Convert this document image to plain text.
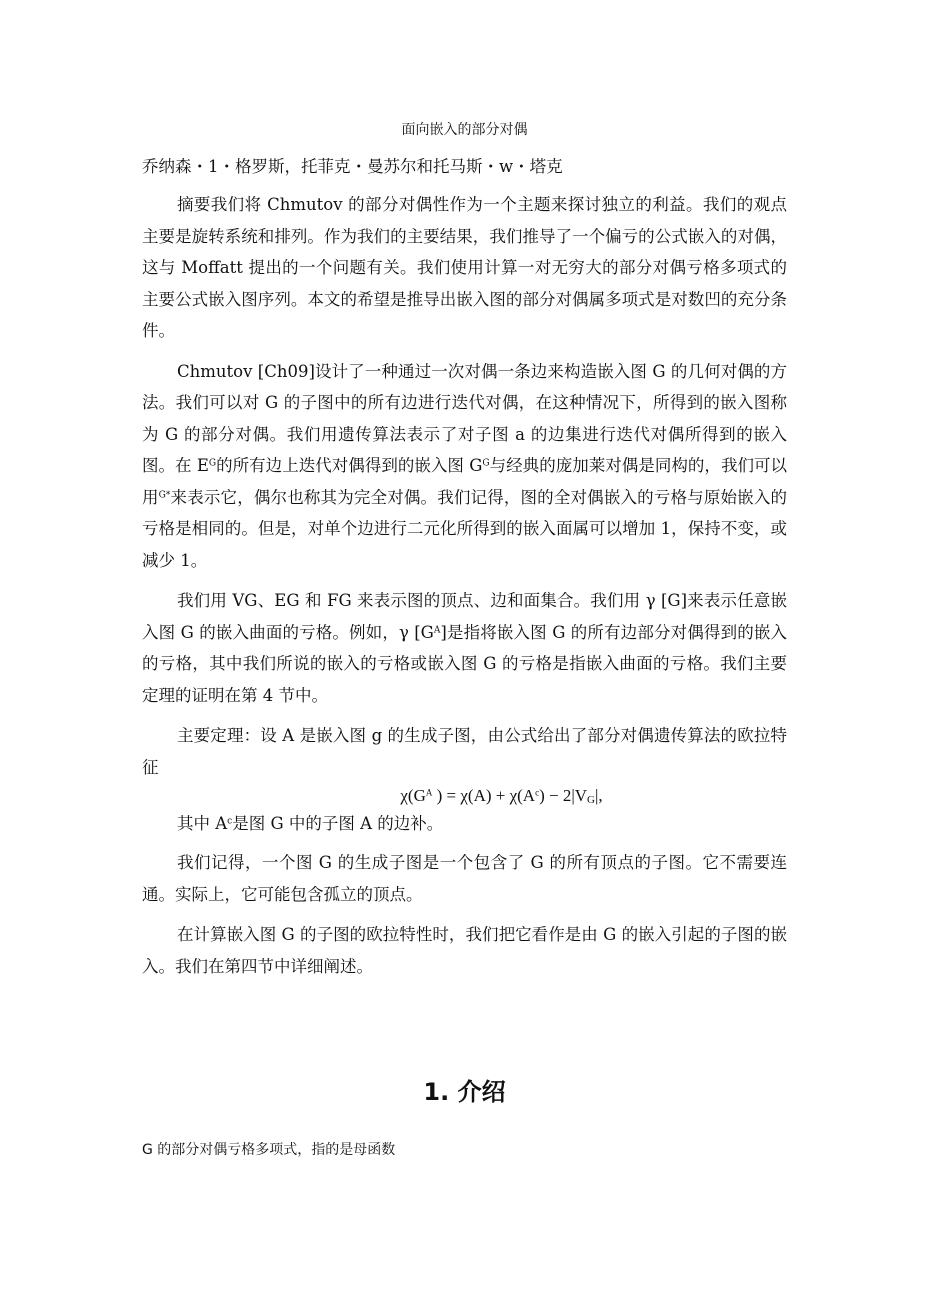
面向嵌入的部分对偶
乔纳森・1・格罗斯，托菲克・曼苏尔和托马斯・w・塔克

摘要我们将 Chmutov 的部分对偶性作为一个主题来探讨独立的利益。我们的观点主要是旋转系统和排列。作为我们的主要结果，我们推导了一个偏亏的公式嵌入的对偶，这与 Moffatt 提出的一个问题有关。我们使用计算一对无穷大的部分对偶亏格多项式的主要公式嵌入图序列。本文的希望是推导出嵌入图的部分对偶属多项式是对数凹的充分条件。

Chmutov [Ch09]设计了一种通过一次对偶一条边来构造嵌入图 G 的几何对偶的方法。我们可以对 G 的子图中的所有边进行迭代对偶，在这种情况下，所得到的嵌入图称为 G 的部分对偶。我们用遗传算法表示了对子图 a 的边集进行迭代对偶所得到的嵌入图。在 $E^G$的所有边上迭代对偶得到的嵌入图 $G^G$与经典的庞加莱对偶是同构的，我们可以用$^{G*}$来表示它，偶尔也称其为完全对偶。我们记得，图的全对偶嵌入的亏格与原始嵌入的亏格是相同的。但是，对单个边进行二元化所得到的嵌入面属可以增加 1，保持不变，或减少 1。

我们用 VG、EG 和 FG 来表示图的顶点、边和面集合。我们用 γ [G]来表示任意嵌入图 G 的嵌入曲面的亏格。例如，γ $[G^A]$是指将嵌入图 G 的所有边部分对偶得到的嵌入的亏格，其中我们所说的嵌入的亏格或嵌入图 G 的亏格是指嵌入曲面的亏格。我们主要定理的证明在第 4 节中。

主要定理：设 A 是嵌入图 g 的生成子图，由公式给出了部分对偶遗传算法的欧拉特征

$\chi(G^A$ ) = $\chi(A) + \chi(A^c) - 2|V_G|$,

其中 $A^c$是图 G 中的子图 A 的边补。

我们记得，一个图 G 的生成子图是一个包含了 G 的所有顶点的子图。它不需要连通。实际上，它可能包含孤立的顶点。

在计算嵌入图 G 的子图的欧拉特性时，我们把它看作是由 G 的嵌入引起的子图的嵌入。我们在第四节中详细阐述。

1. 介绍
G 的部分对偶亏格多项式，指的是母函数
